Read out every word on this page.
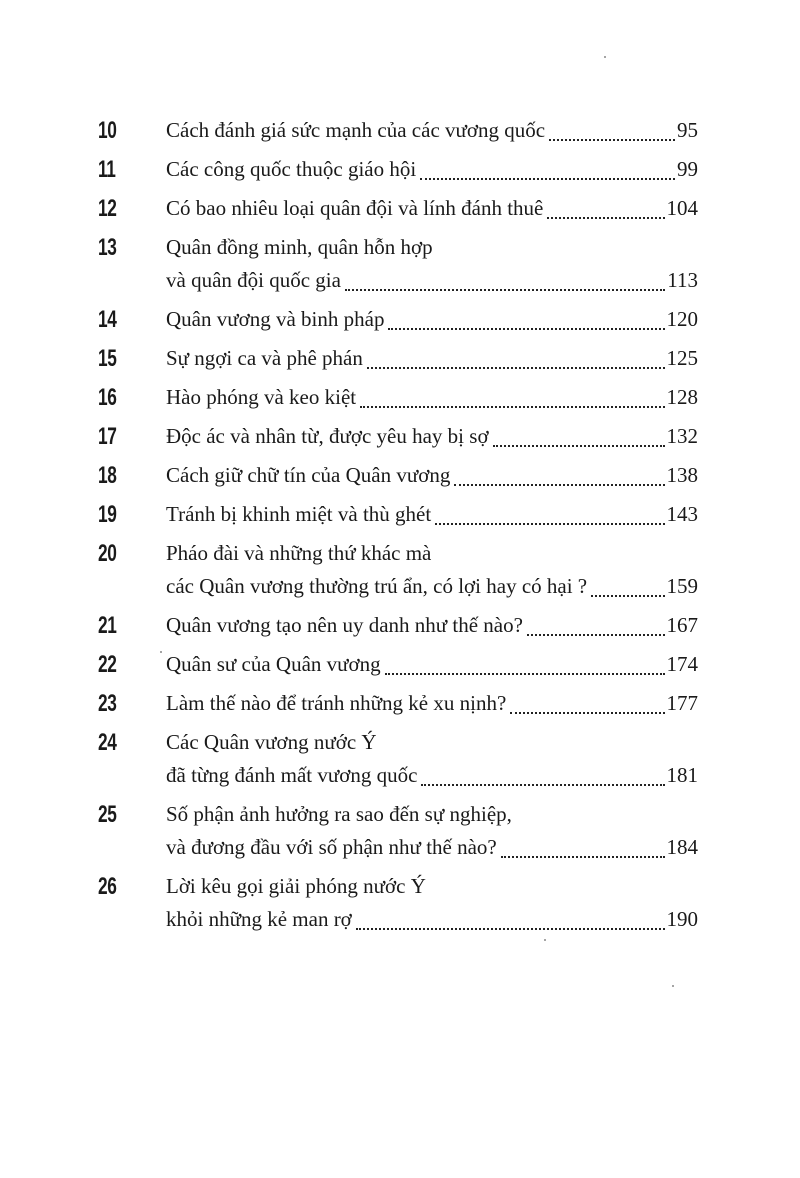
10	Cách đánh giá sức mạnh của các vương quốc	95
11	Các công quốc thuộc giáo hội	99
12	Có bao nhiêu loại quân đội và lính đánh thuê	104
13	Quân đồng minh, quân hỗn hợp
và quân đội quốc gia	113
14	Quân vương và binh pháp	120
15	Sự ngợi ca và phê phán	125
16	Hào phóng và keo kiệt	128
17	Độc ác và nhân từ, được yêu hay bị sợ	132
18	Cách giữ chữ tín của Quân vương	138
19	Tránh bị khinh miệt và thù ghét	143
20	Pháo đài và những thứ khác mà
các Quân vương thường trú ẩn, có lợi hay có hại ?	159
21	Quân vương tạo nên uy danh như thế nào?	167
22	Quân sư của Quân vương	174
23	Làm thế nào để tránh những kẻ xu nịnh?	177
24	Các Quân vương nước Ý
đã từng đánh mất vương quốc	181
25	Số phận ảnh hưởng ra sao đến sự nghiệp,
và đương đầu với số phận như thế nào?	184
26	Lời kêu gọi giải phóng nước Ý
khỏi những kẻ man rợ	190
